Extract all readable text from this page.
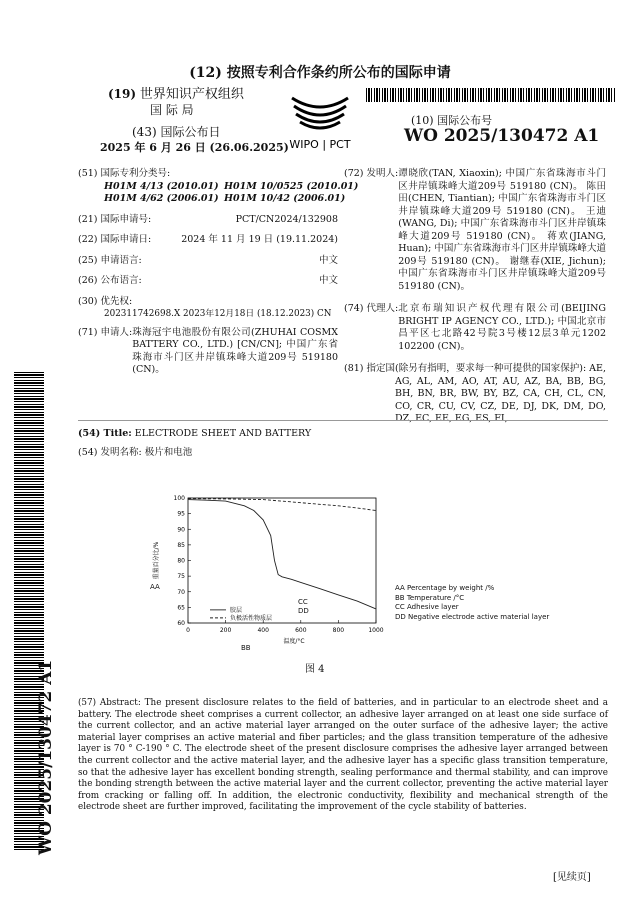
(12) 按照专利合作条约所公布的国际申请
(19) 世界知识产权组织
国 际 局
(43) 国际公布日
2025 年 6 月 26 日 (26.06.2025) WIPO | PCT
(10) 国际公布号
WO 2025/130472 A1
(51) 国际专利分类号:
H01M 4/13 (2010.01) H01M 10/0525 (2010.01)
H01M 4/62 (2006.01) H01M 10/42 (2006.01)
(21) 国际申请号:	PCT/CN2024/132908
(22) 国际申请日:	2024 年 11 月 19 日 (19.11.2024)
(25) 申请语言:	中文
(26) 公布语言:	中文
(30) 优先权:
202311742698.X 2023年12月18日 (18.12.2023) CN
(71) 申请人: 珠海冠宇电池股份有限公司(ZHUHAI COSMX BATTERY CO., LTD.) [CN/CN]; 中国广东省珠海市斗门区井岸镇珠峰大道209号 519180 (CN)。
(72) 发明人: 谭晓欣(TAN, Xiaoxin); 中国广东省珠海市斗门区井岸镇珠峰大道209号 519180 (CN)。 陈田田(CHEN, Tiantian); 中国广东省珠海市斗门区井岸镇珠峰大道209号 519180 (CN)。 王迪(WANG, Di); 中国广东省珠海市斗门区井岸镇珠峰大道209号 519180 (CN)。 蒋欢(JIANG, Huan); 中国广东省珠海市斗门区井岸镇珠峰大道209号 519180 (CN)。 谢继春(XIE, Jichun); 中国广东省珠海市斗门区井岸镇珠峰大道209号 519180 (CN)。
(74) 代理人: 北京布瑞知识产权代理有限公司(BEIJING BRIGHT IP AGENCY CO., LTD.); 中国北京市昌平区七北路42号院3号楼12层3单元1202 102200 (CN)。
(81) 指定国 (除另有指明，要求每一种可提供的国家保护): AE, AG, AL, AM, AO, AT, AU, AZ, BA, BB, BG, BH, BN, BR, BW, BY, BZ, CA, CH, CL, CN, CO, CR, CU, CV, CZ, DE, DJ, DK, DM, DO, DZ, EC, EE, EG, ES, FI,
(54) Title: ELECTRODE SHEET AND BATTERY
(54) 发明名称: 极片和电池
0	200	400	600	800	1000
60
65
70
75
80
85
90
95
100
重量百分比/%
温度/°C
胶层
负极活性物质层
AA
BB
CC
DD
AA Percentage by weight /%
BB Temperature /°C
CC Adhesive layer
DD Negative electrode active material layer
图 4
(57) Abstract: The present disclosure relates to the field of batteries, and in particular to an electrode sheet and a battery. The electrode sheet comprises a current collector, an adhesive layer arranged on at least one side surface of the current collector, and an active material layer arranged on the outer surface of the adhesive layer; the active material layer comprises an active material and fiber particles; and the glass transition temperature of the adhesive layer is 70 ° C-190 ° C. The electrode sheet of the present disclosure comprises the adhesive layer arranged between the current collector and the active material layer, and the adhesive layer has a specific glass transition temperature, so that the adhesive layer has excellent bonding strength, sealing performance and thermal stability, and can improve the bonding strength between the active material layer and the current collector, preventing the active material layer from cracking or falling off. In addition, the electronic conductivity, flexibility and mechanical strength of the electrode sheet are further improved, facilitating the improvement of the cycle stability of batteries.
WO 2025/130472 A1
[见续页]
